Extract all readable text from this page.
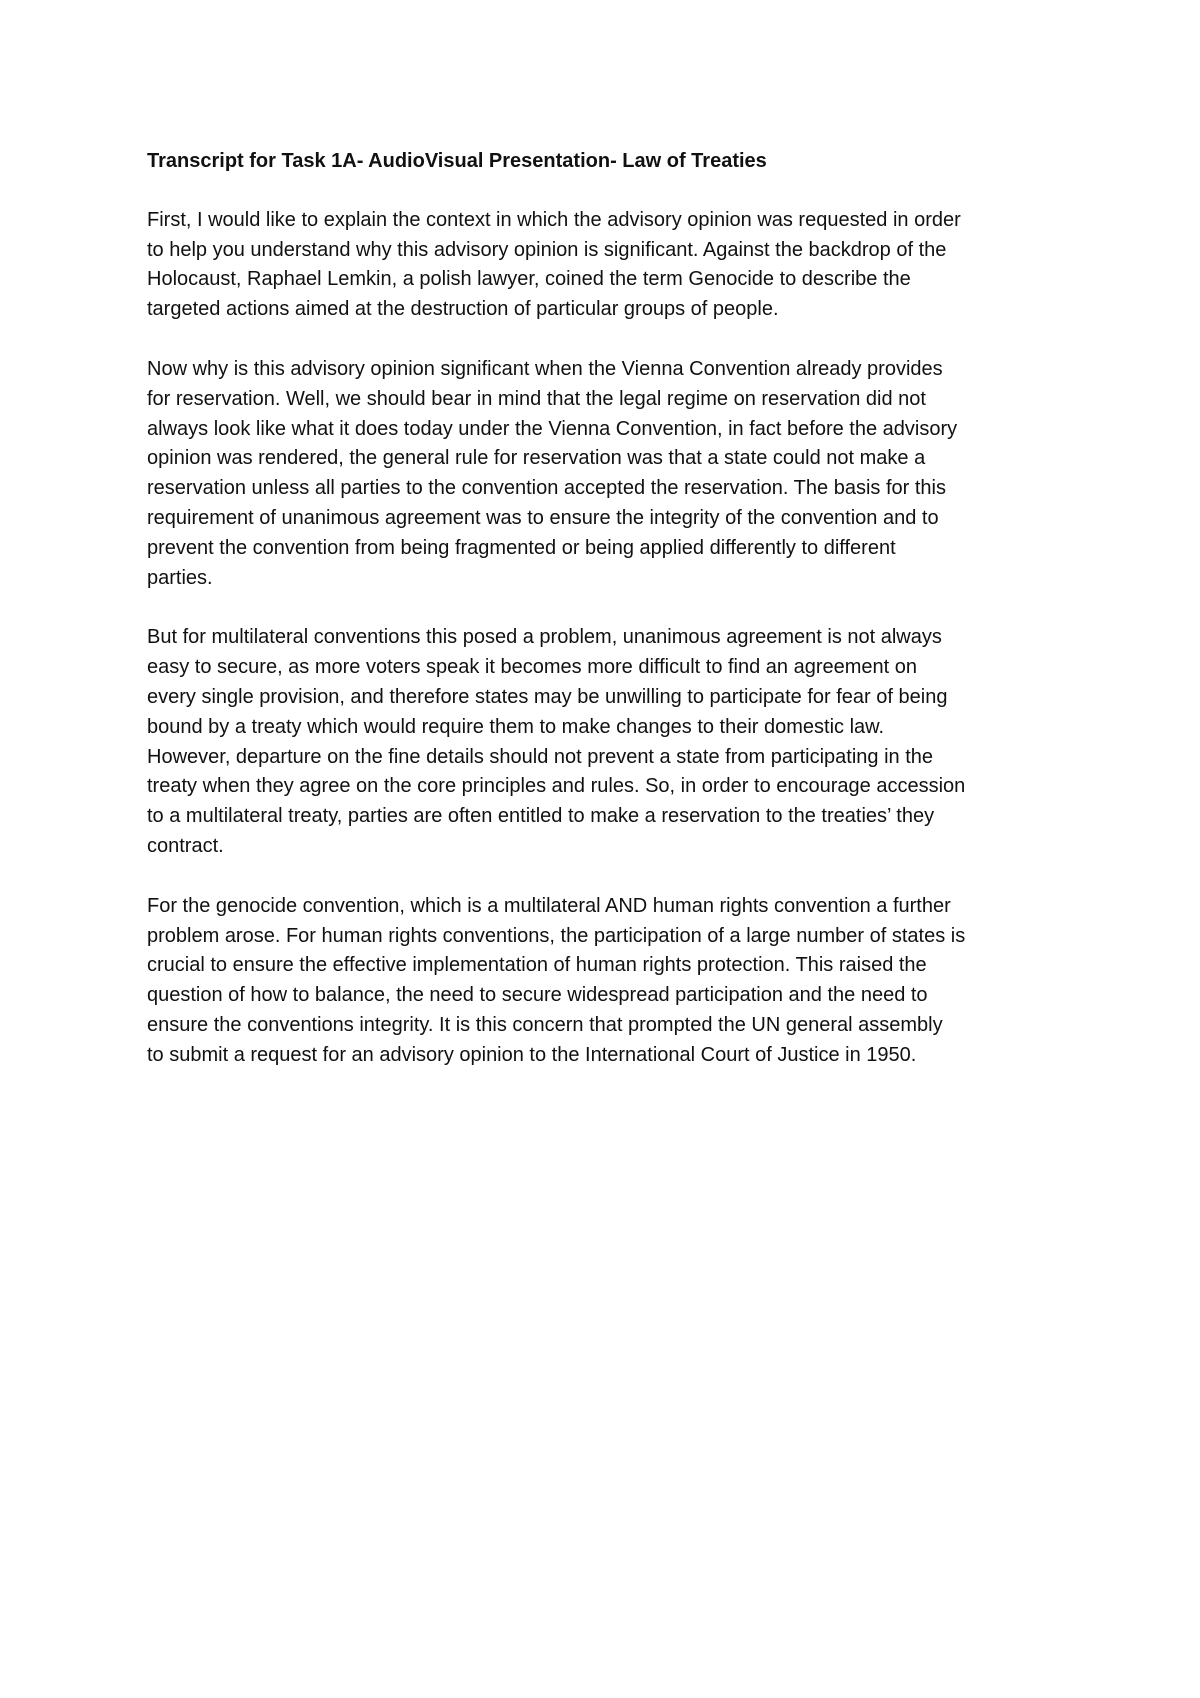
Transcript for Task 1A- AudioVisual Presentation- Law of Treaties
First, I would like to explain the context in which the advisory opinion was requested in order
to help you understand why this advisory opinion is significant. Against the backdrop of the
Holocaust, Raphael Lemkin, a polish lawyer, coined the term Genocide to describe the
targeted actions aimed at the destruction of particular groups of people.
Now why is this advisory opinion significant when the Vienna Convention already provides
for reservation. Well, we should bear in mind that the legal regime on reservation did not
always look like what it does today under the Vienna Convention, in fact before the advisory
opinion was rendered, the general rule for reservation was that a state could not make a
reservation unless all parties to the convention accepted the reservation. The basis for this
requirement of unanimous agreement was to ensure the integrity of the convention and to
prevent the convention from being fragmented or being applied differently to different
parties.
But for multilateral conventions this posed a problem, unanimous agreement is not always
easy to secure, as more voters speak it becomes more difficult to find an agreement on
every single provision, and therefore states may be unwilling to participate for fear of being
bound by a treaty which would require them to make changes to their domestic law.
However, departure on the fine details should not prevent a state from participating in the
treaty when they agree on the core principles and rules. So, in order to encourage accession
to a multilateral treaty, parties are often entitled to make a reservation to the treaties’ they
contract.
For the genocide convention, which is a multilateral AND human rights convention a further
problem arose. For human rights conventions, the participation of a large number of states is
crucial to ensure the effective implementation of human rights protection. This raised the
question of how to balance, the need to secure widespread participation and the need to
ensure the conventions integrity. It is this concern that prompted the UN general assembly
to submit a request for an advisory opinion to the International Court of Justice in 1950.
